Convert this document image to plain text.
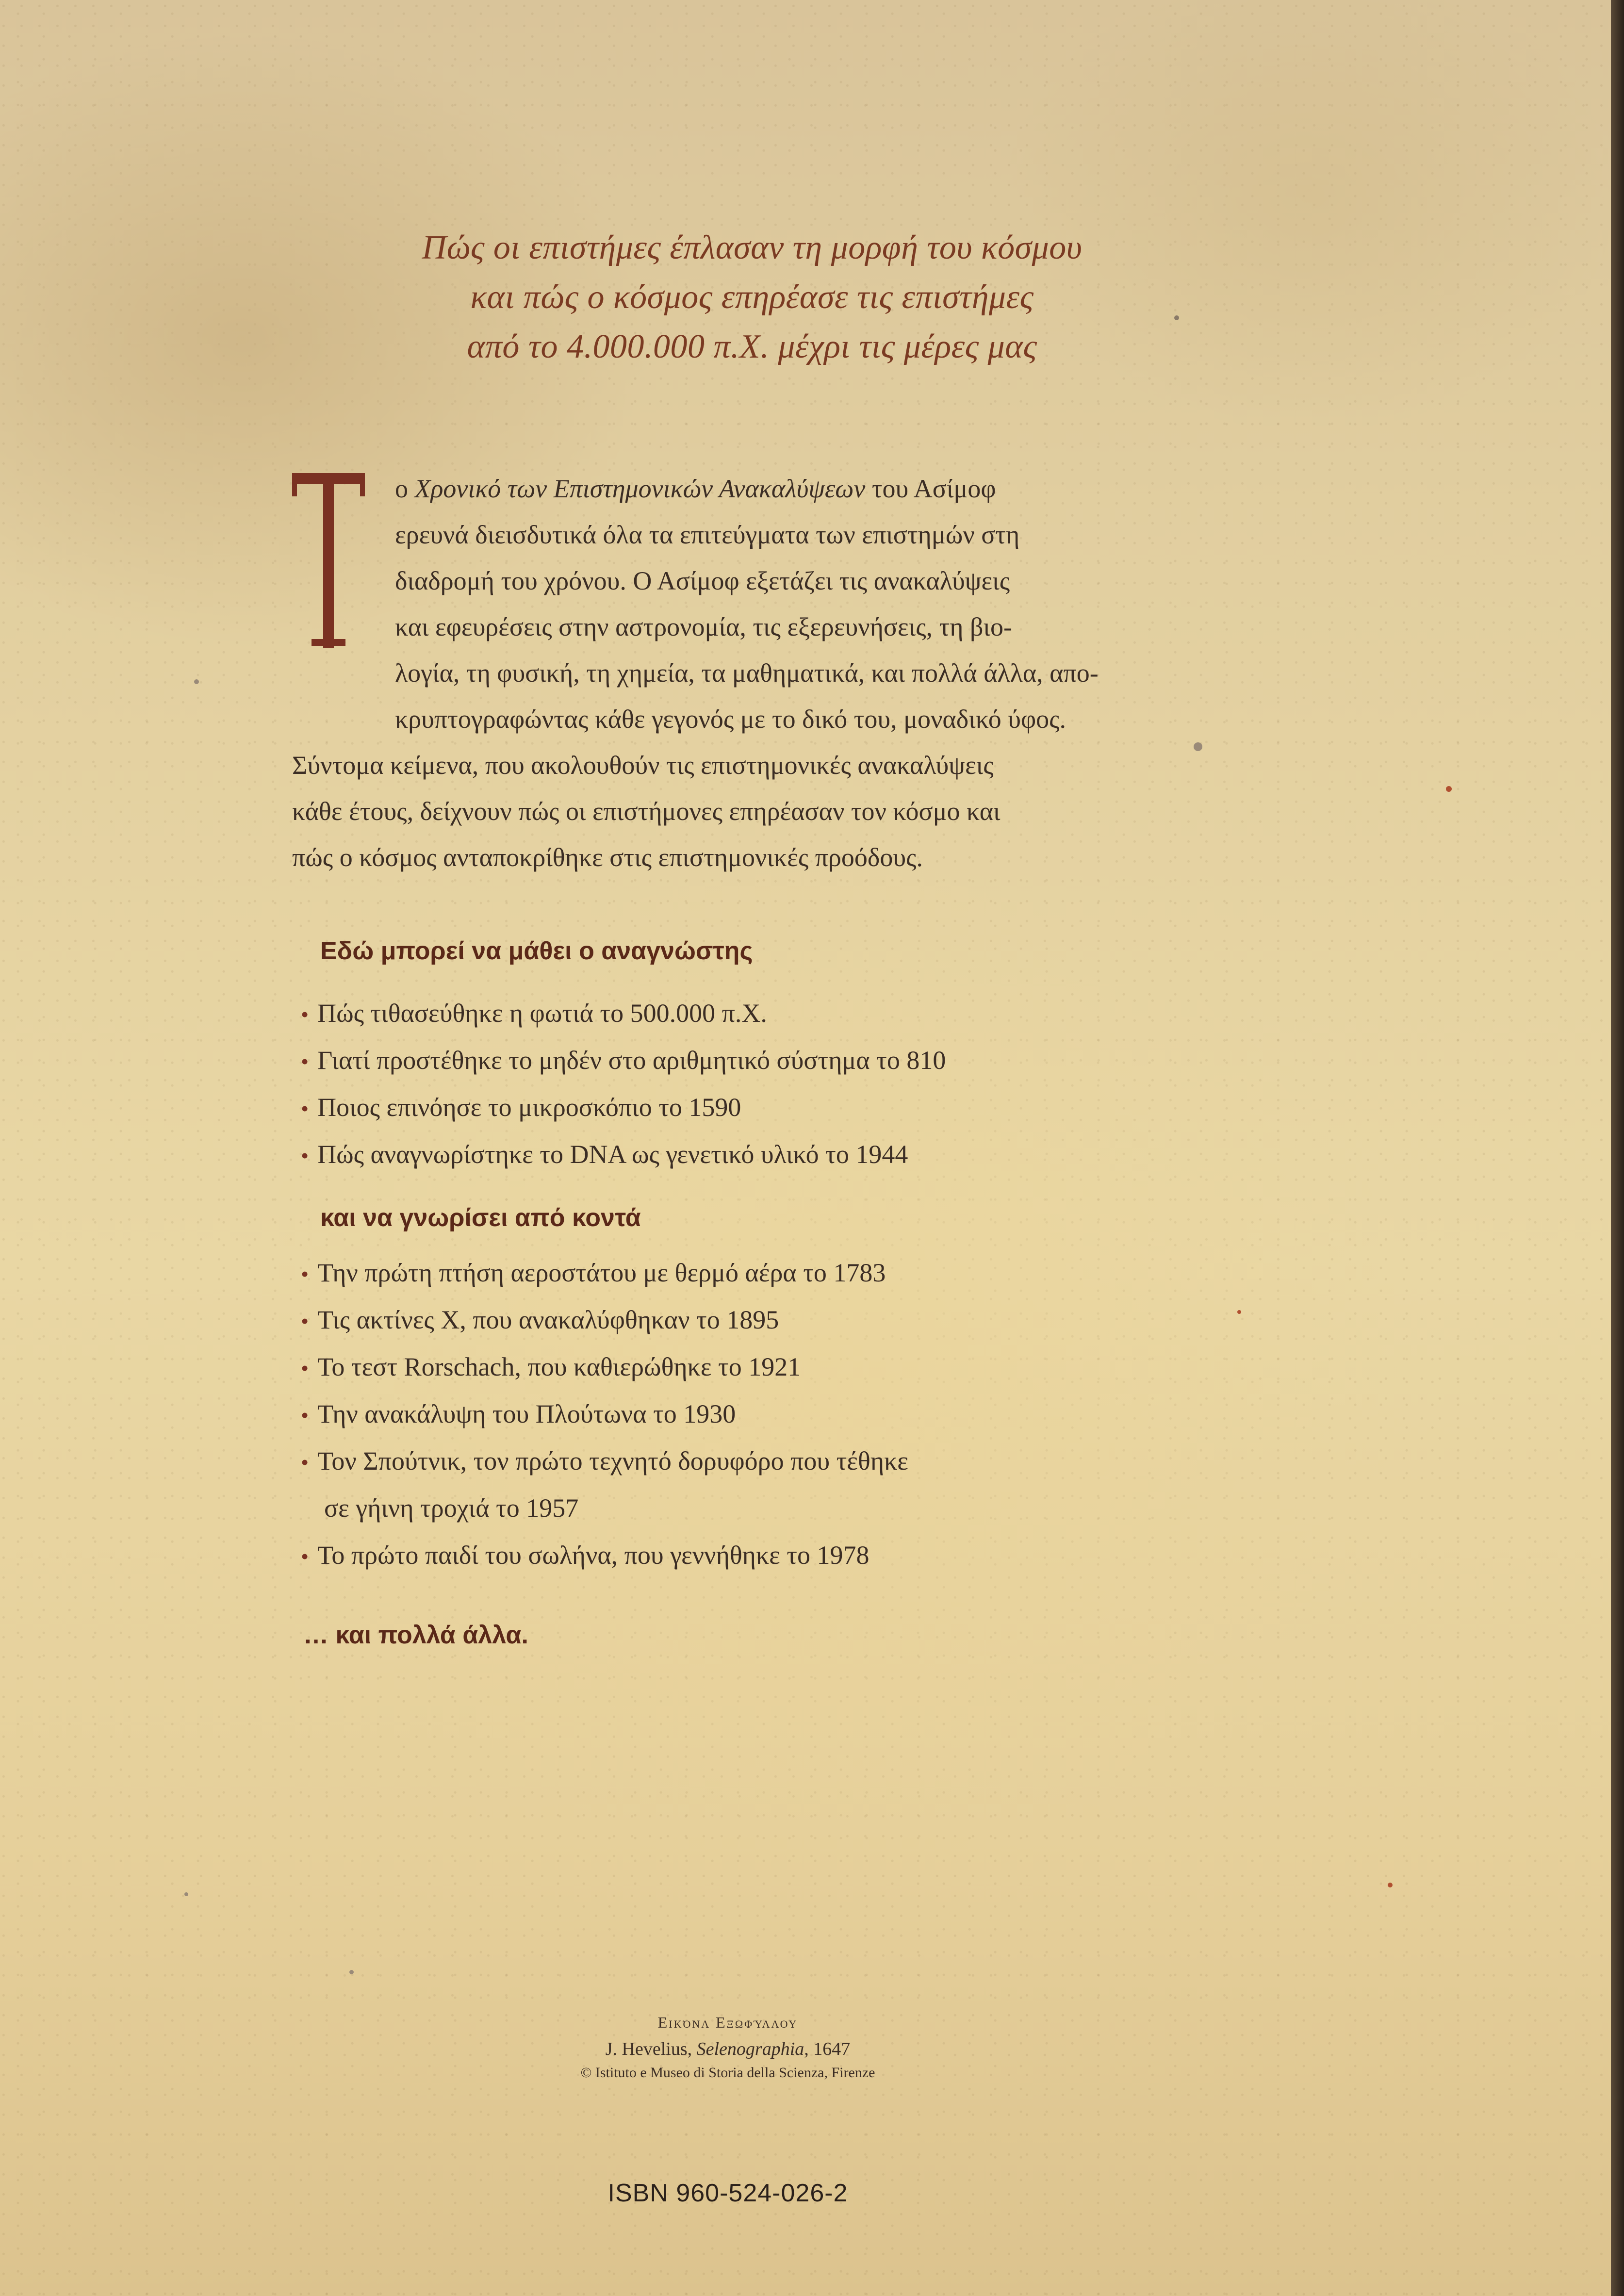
Πώς οι επιστήμες έπλασαν τη μορφή του κόσμου
και πώς ο κόσμος επηρέασε τις επιστήμες
από το 4.000.000 π.Χ. μέχρι τις μέρες μας
ο Χρονικό των Επιστημονικών Ανακαλύψεων του Ασίμοφ
ερευνά διεισδυτικά όλα τα επιτεύγματα των επιστημών στη
διαδρομή του χρόνου. Ο Ασίμοφ εξετάζει τις ανακαλύψεις
και εφευρέσεις στην αστρονομία, τις εξερευνήσεις, τη βιο-
λογία, τη φυσική, τη χημεία, τα μαθηματικά, και πολλά άλλα, απο-
κρυπτογραφώντας κάθε γεγονός με το δικό του, μοναδικό ύφος.
Σύντομα κείμενα, που ακολουθούν τις επιστημονικές ανακαλύψεις
κάθε έτους, δείχνουν πώς οι επιστήμονες επηρέασαν τον κόσμο και
πώς ο κόσμος ανταποκρίθηκε στις επιστημονικές προόδους.
Εδώ μπορεί να μάθει ο αναγνώστης
• Πώς τιθασεύθηκε η φωτιά το 500.000 π.Χ.
• Γιατί προστέθηκε το μηδέν στο αριθμητικό σύστημα το 810
• Ποιος επινόησε το μικροσκόπιο το 1590
• Πώς αναγνωρίστηκε το DNA ως γενετικό υλικό το 1944
και να γνωρίσει από κοντά
• Την πρώτη πτήση αεροστάτου με θερμό αέρα το 1783
• Τις ακτίνες Χ, που ανακαλύφθηκαν το 1895
• Το τεστ Rorschach, που καθιερώθηκε το 1921
• Την ανακάλυψη του Πλούτωνα το 1930
• Τον Σπούτνικ, τον πρώτο τεχνητό δορυφόρο που τέθηκε
σε γήινη τροχιά το 1957
• Το πρώτο παιδί του σωλήνα, που γεννήθηκε το 1978
… και πολλά άλλα.
Εικόνα Εξωφύλλου
J. Hevelius, Selenographia, 1647
© Istituto e Museo di Storia della Scienza, Firenze
ISBN 960-524-026-2
